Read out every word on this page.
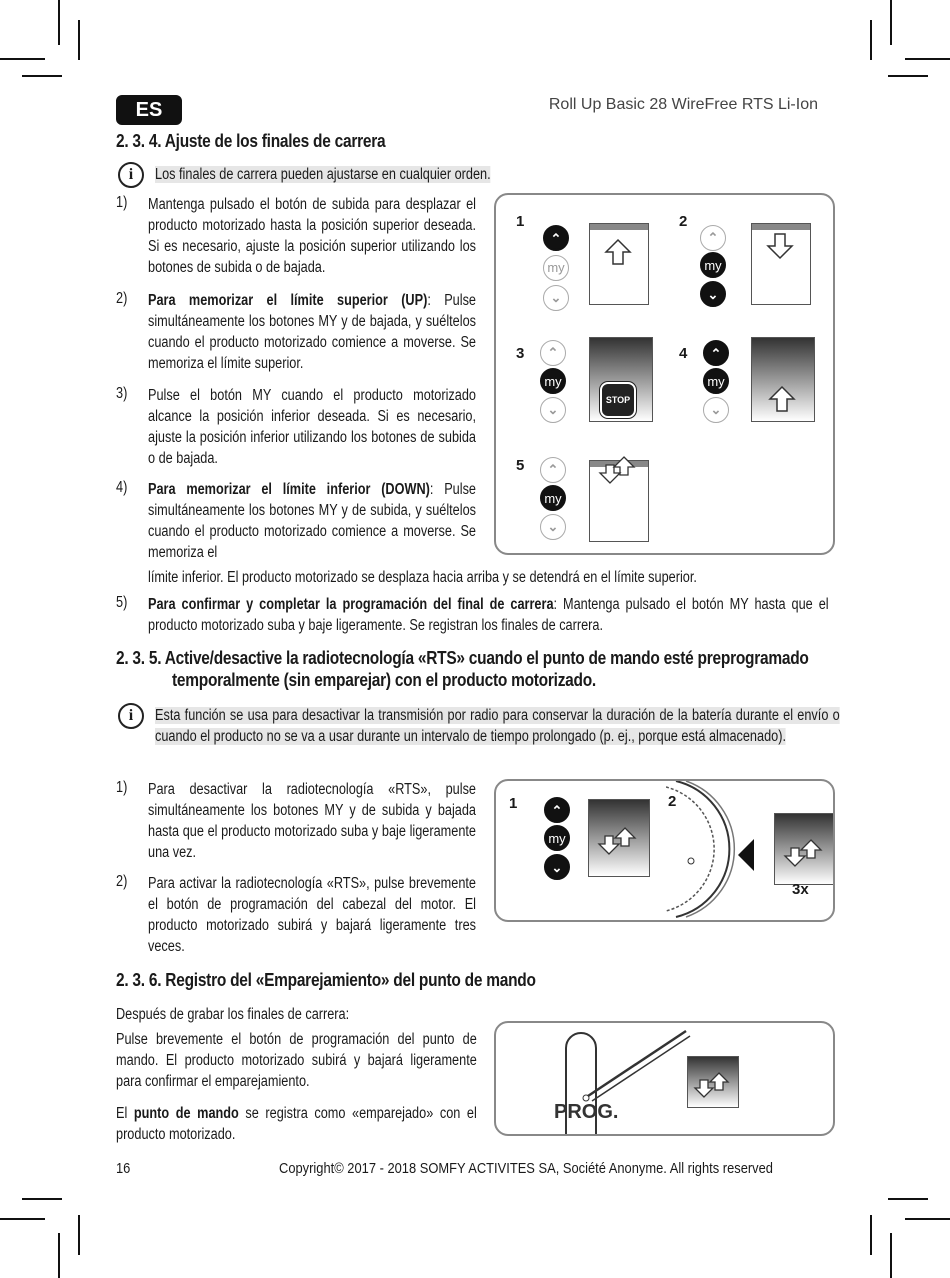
ES	Roll Up Basic 28 WireFree RTS Li-Ion
2. 3. 4. Ajuste de los finales de carrera
i	Los finales de carrera pueden ajustarse en cualquier orden.
1) Mantenga pulsado el botón de subida para desplazar el producto motorizado hasta la posición superior deseada. Si es necesario, ajuste la posición superior utilizando los botones de subida o de bajada.
2) Para memorizar el límite superior (UP): Pulse simultáneamente los botones MY y de bajada, y suéltelos cuando el producto motorizado comience a moverse. Se memoriza el límite superior.
3) Pulse el botón MY cuando el producto motorizado alcance la posición inferior deseada. Si es necesario, ajuste la posición inferior utilizando los botones de subida o de bajada.
4) Para memorizar el límite inferior (DOWN): Pulse simultáneamente los botones MY y de subida, y suéltelos cuando el producto motorizado comience a moverse. Se memoriza el
límite inferior. El producto motorizado se desplaza hacia arriba y se detendrá en el límite superior.
5) Para confirmar y completar la programación del final de carrera: Mantenga pulsado el botón MY hasta que el producto motorizado suba y baje ligeramente. Se registran los finales de carrera.
1
⌃
my
⌄
2
⌃
my
⌄
3	⌃
my
⌄
STOP
4	⌃
my
⌄
5	⌃
my
⌄
2. 3. 5. Active/desactive la radiotecnología «RTS» cuando el punto de mando esté preprogramado
temporalmente (sin emparejar) con el producto motorizado.
i	Esta función se usa para desactivar la transmisión por radio para conservar la duración de la batería durante el envío o cuando el producto no se va a usar durante un intervalo de tiempo prolongado (p. ej., porque está almacenado).
1) Para desactivar la radiotecnología «RTS», pulse simultáneamente los botones MY y de subida y bajada hasta que el producto motorizado suba y baje ligeramente una vez.
2) Para activar la radiotecnología «RTS», pulse brevemente el botón de programación del cabezal del motor. El producto motorizado subirá y bajará ligeramente tres veces.
1	⌃
my
⌄
2
3x
2. 3. 6. Registro del «Emparejamiento» del punto de mando
Después de grabar los finales de carrera:
Pulse brevemente el botón de programación del punto de mando. El producto motorizado subirá y bajará ligeramente para confirmar el emparejamiento.
El punto de mando se registra como «emparejado» con el producto motorizado.
PROG.
16	Copyright© 2017 - 2018 SOMFY ACTIVITES SA, Société Anonyme. All rights reserved
